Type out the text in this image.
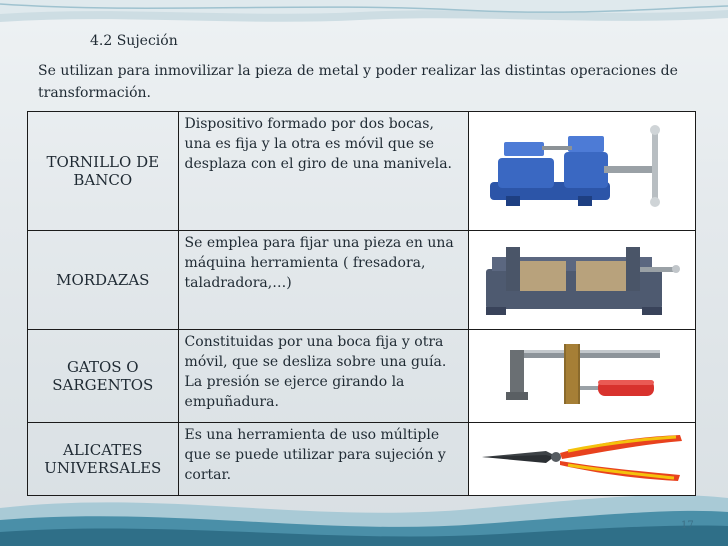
4.2 Sujeción
Se utilizan para inmovilizar la pieza de metal y poder realizar las distintas operaciones de transformación.
TORNILLO DE BANCO	Dispositivo formado por dos bocas, una es fija y la otra es móvil que se desplaza con el giro de una manivela.	

MORDAZAS	Se emplea para fijar una pieza en una máquina herramienta ( fresadora, taladradora,…)	

GATOS O SARGENTOS	Constituidas por una boca fija y otra móvil, que se desliza sobre una guía. La presión se ejerce girando la empuñadura.	

ALICATES UNIVERSALES	Es una herramienta de uso múltiple que se puede utilizar para sujeción y cortar.	
17
